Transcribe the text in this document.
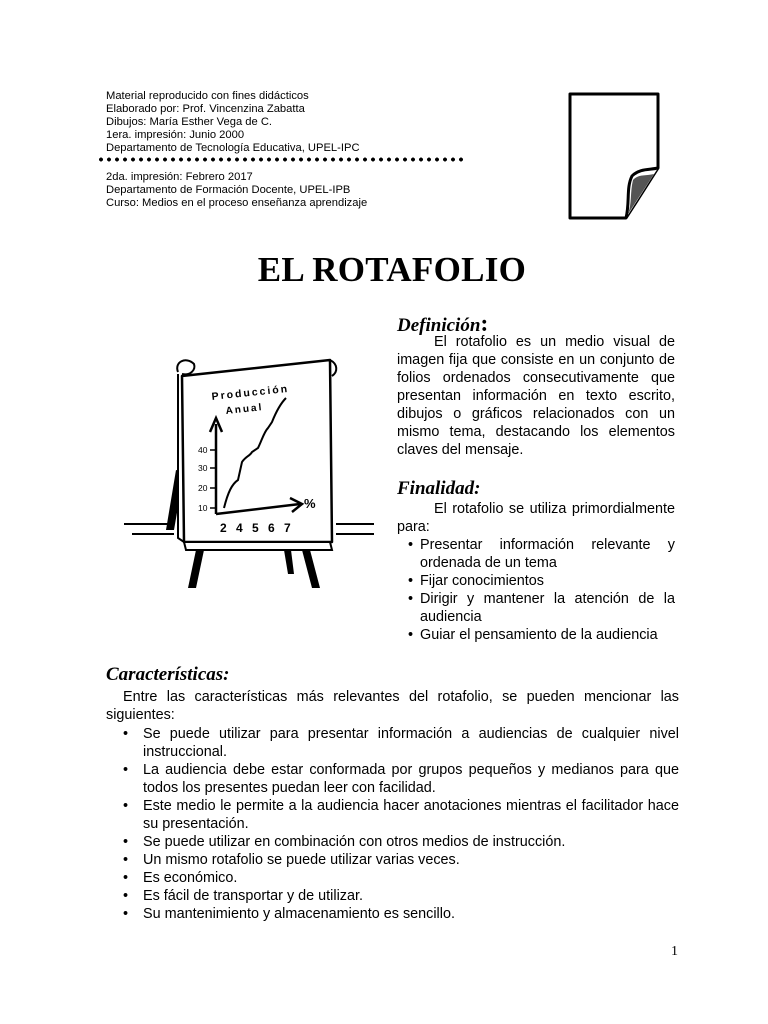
Material reproducido con fines didácticos
Elaborado por: Prof. Vincenzina Zabatta
Dibujos: María Esther Vega de C.
1era. impresión: Junio 2000
Departamento de Tecnología Educativa, UPEL-IPC
2da. impresión: Febrero 2017
Departamento de Formación Docente, UPEL-IPB
Curso: Medios en el proceso enseñanza aprendizaje
EL ROTAFOLIO
Producción
Anual
40
30
20
10
2 4 5 6 7
%
Definición:
El rotafolio es un medio visual de imagen fija que consiste en un conjunto de folios ordenados consecutivamente que presentan información en texto escrito, dibujos o gráficos relacionados con un mismo tema, destacando los elementos claves del mensaje.
Finalidad:
El rotafolio se utiliza primordialmente para:
• Presentar información relevante y ordenada de un tema
• Fijar conocimientos
• Dirigir y mantener la atención de la audiencia
• Guiar el pensamiento de la audiencia
Características:
Entre las características más relevantes del rotafolio, se pueden mencionar las siguientes:
• Se puede utilizar para presentar información a audiencias de cualquier nivel instruccional.
• La audiencia debe estar conformada por grupos pequeños y medianos para que todos los presentes puedan leer con facilidad.
• Este medio le permite a la audiencia hacer anotaciones mientras el facilitador hace su presentación.
• Se puede utilizar en combinación con otros medios de instrucción.
• Un mismo rotafolio se puede utilizar varias veces.
• Es económico.
• Es fácil de transportar y de utilizar.
• Su mantenimiento y almacenamiento es sencillo.
1
